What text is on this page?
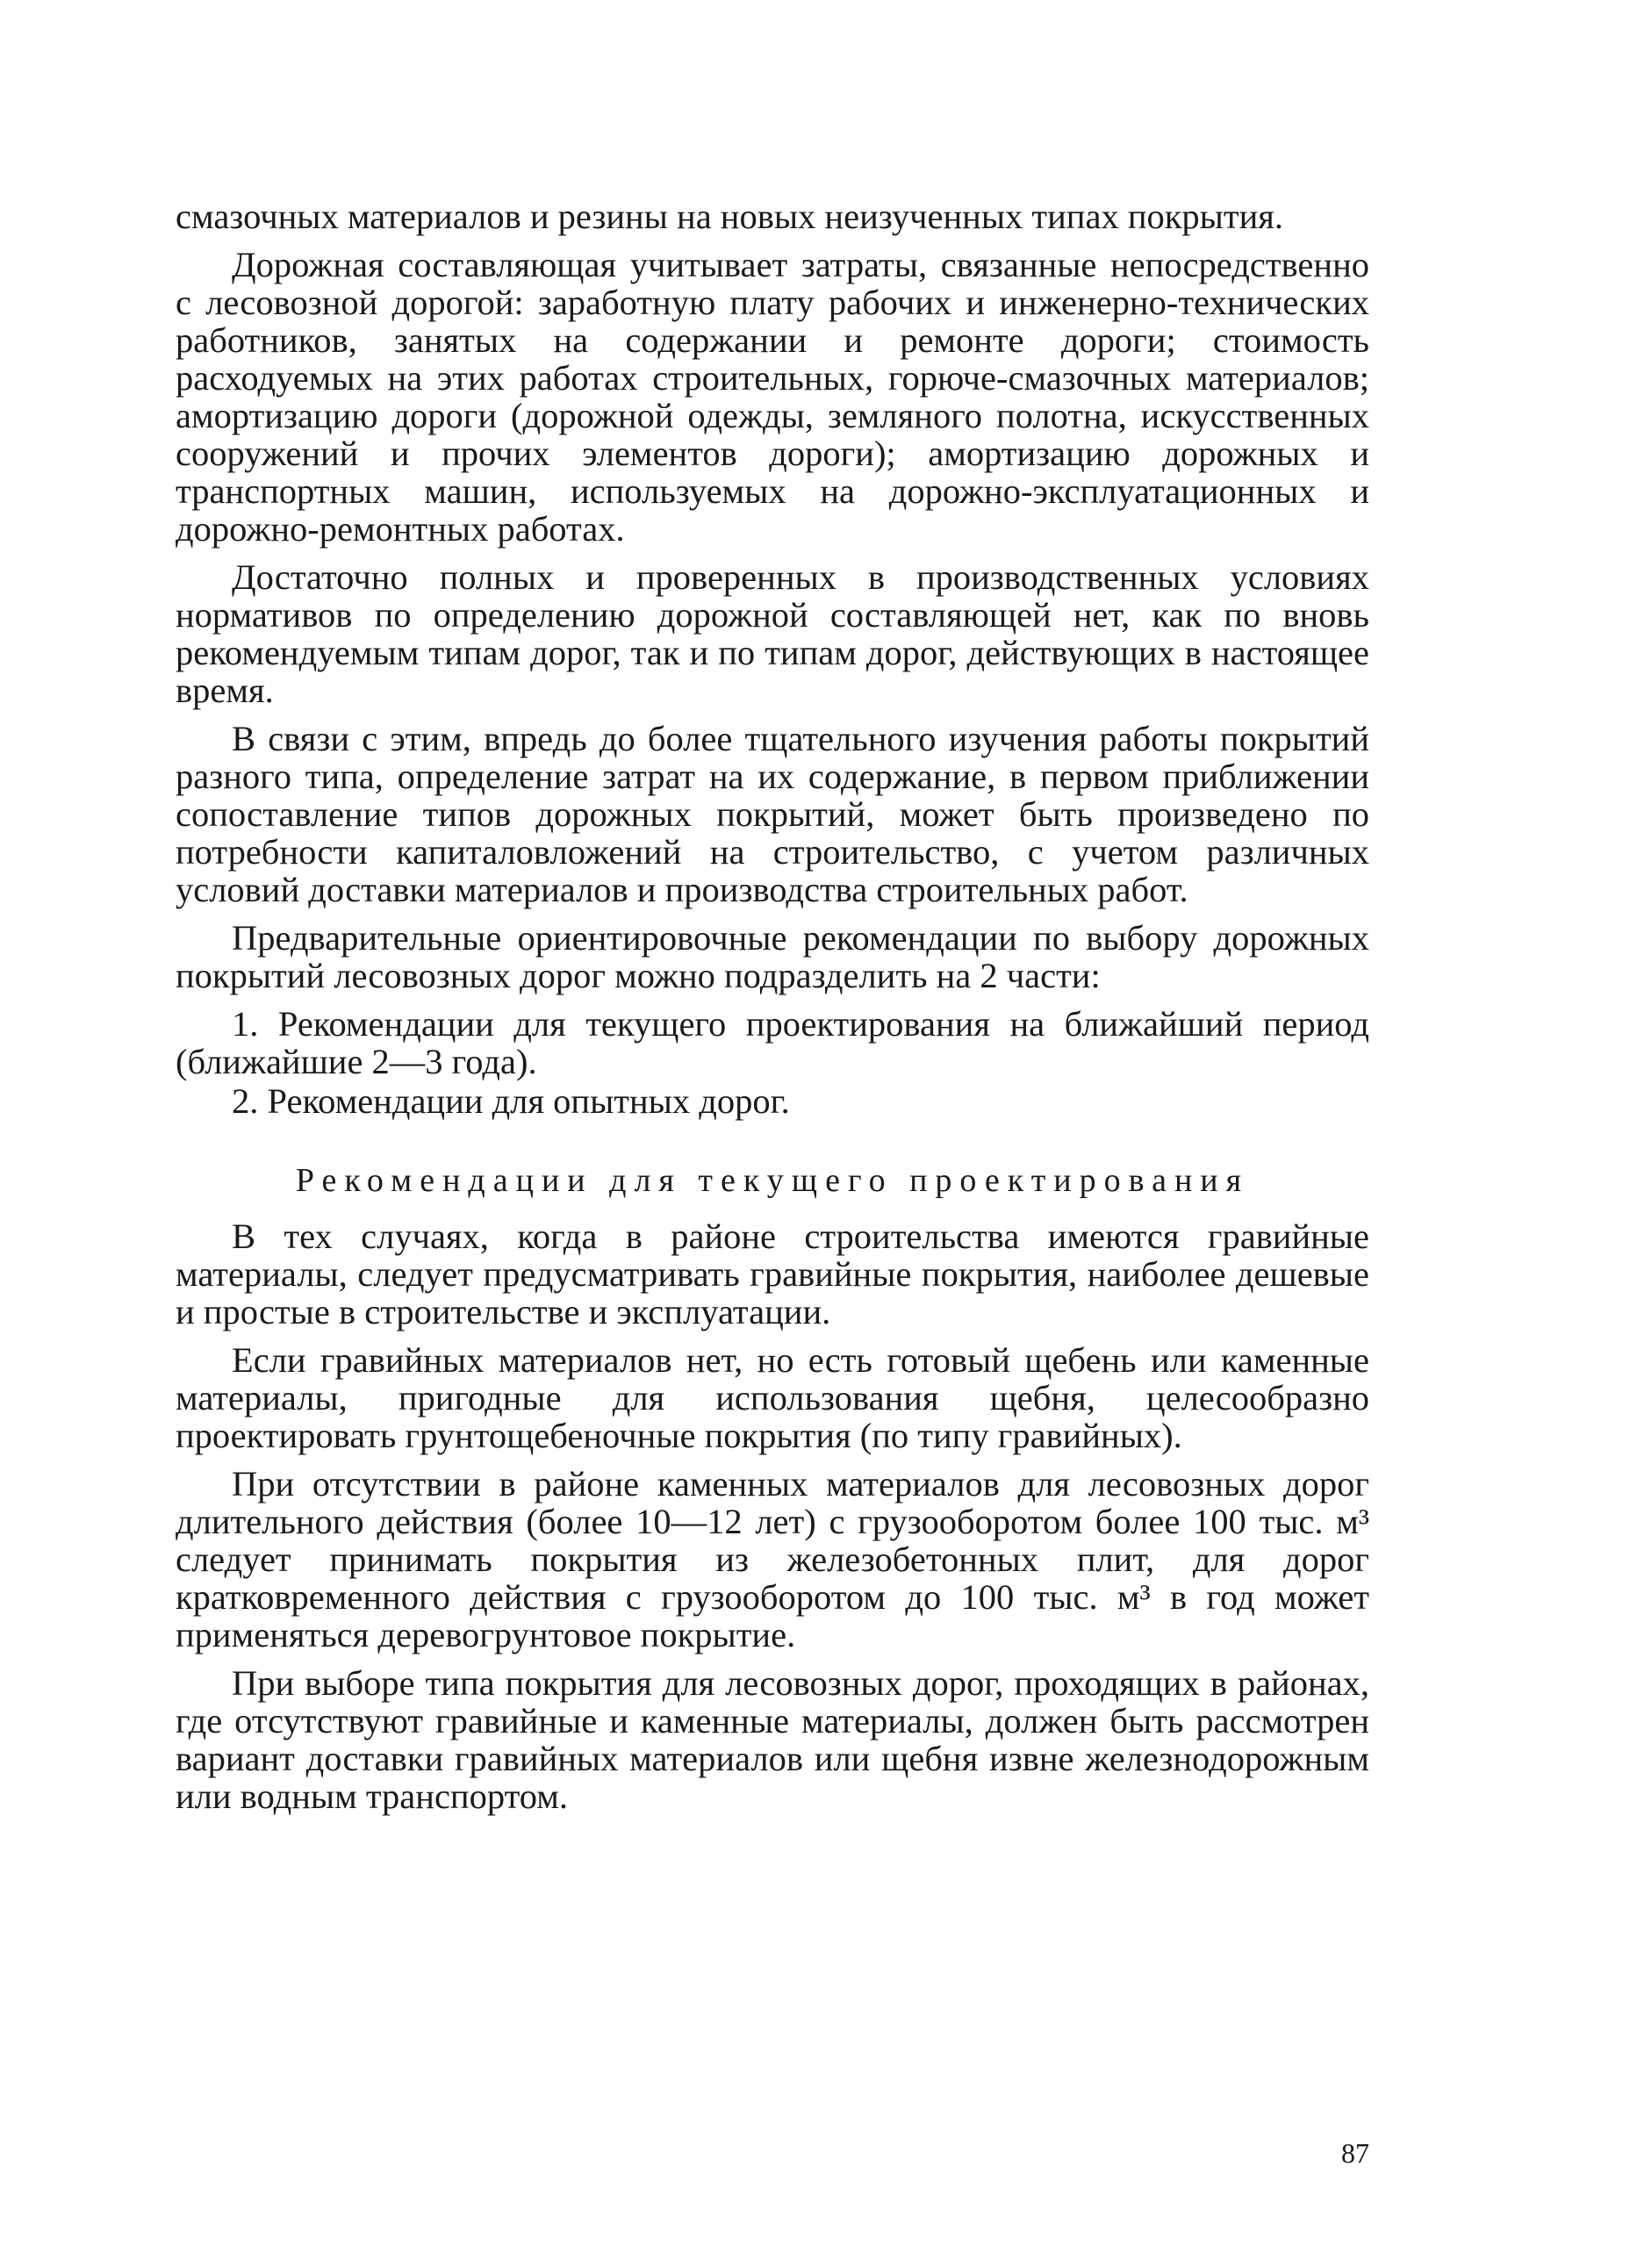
смазочных материалов и резины на новых неизученных типах покрытия.

Дорожная составляющая учитывает затраты, связанные непосредственно с лесовозной дорогой: заработную плату рабочих и инженерно-технических работников, занятых на содержании и ремонте дороги; стоимость расходуемых на этих работах строительных, горюче-смазочных материалов; амортизацию дороги (дорожной одежды, земляного полотна, искусственных сооружений и прочих элементов дороги); амортизацию дорожных и транспортных машин, используемых на дорожно-эксплуатационных и дорожно-ремонтных работах.

Достаточно полных и проверенных в производственных условиях нормативов по определению дорожной составляющей нет, как по вновь рекомендуемым типам дорог, так и по типам дорог, действующих в настоящее время.

В связи с этим, впредь до более тщательного изучения работы покрытий разного типа, определение затрат на их содержание, в первом приближении сопоставление типов дорожных покрытий, может быть произведено по потребности капиталовложений на строительство, с учетом различных условий доставки материалов и производства строительных работ.

Предварительные ориентировочные рекомендации по выбору дорожных покрытий лесовозных дорог можно подразделить на 2 части:

1. Рекомендации для текущего проектирования на ближайший период (ближайшие 2—3 года).

2. Рекомендации для опытных дорог.

Рекомендации для текущего проектирования

В тех случаях, когда в районе строительства имеются гравийные материалы, следует предусматривать гравийные покрытия, наиболее дешевые и простые в строительстве и эксплуатации.

Если гравийных материалов нет, но есть готовый щебень или каменные материалы, пригодные для использования щебня, целесообразно проектировать грунтощебеночные покрытия (по типу гравийных).

При отсутствии в районе каменных материалов для лесовозных дорог длительного действия (более 10—12 лет) с грузооборотом более 100 тыс. м³ следует принимать покрытия из железобетонных плит, для дорог кратковременного действия с грузооборотом до 100 тыс. м³ в год может применяться деревогрунтовое покрытие.

При выборе типа покрытия для лесовозных дорог, проходящих в районах, где отсутствуют гравийные и каменные материалы, должен быть рассмотрен вариант доставки гравийных материалов или щебня извне железнодорожным или водным транспортом.

87
